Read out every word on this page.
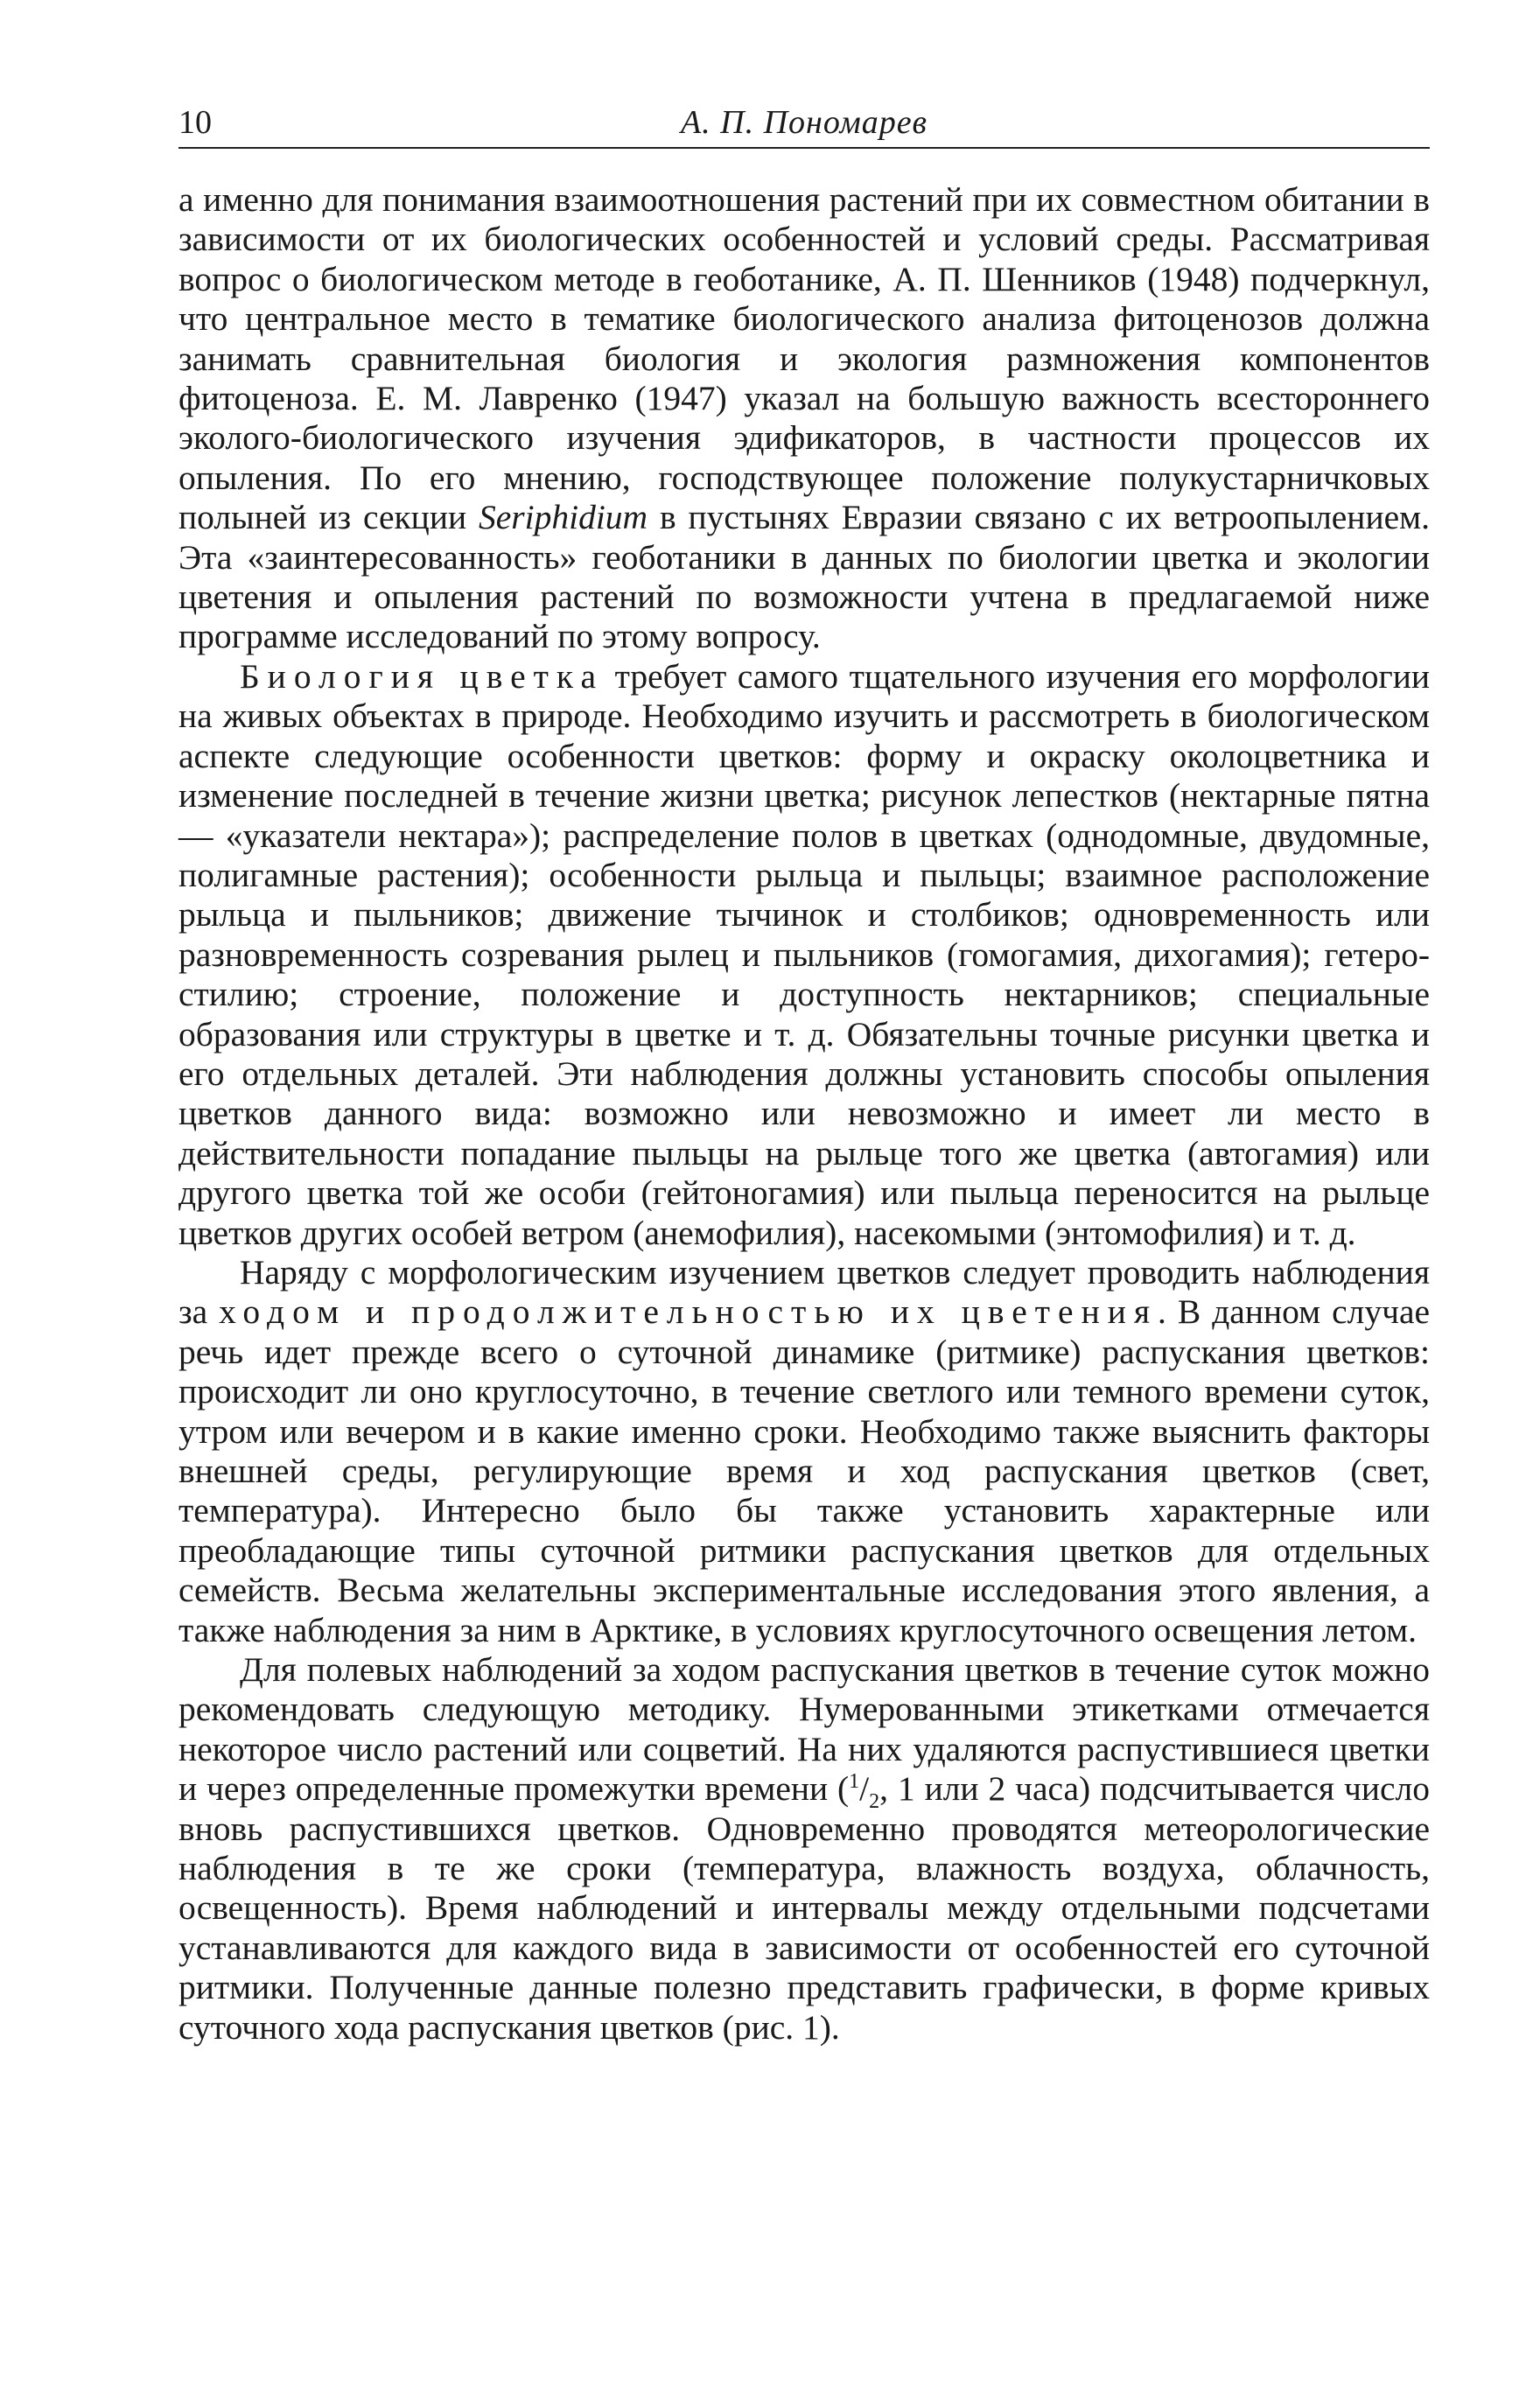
10	А. П. Пономарев

а именно для понимания взаимоотношения растений при их совместном обитании в зависимости от их биологических особенностей и условий среды. Рассматривая вопрос о биологическом методе в геоботанике, А. П. Шенников (1948) подчеркнул, что центральное место в тематике биологического анализа фитоценозов должна занимать сравнительная биология и экология размножения компонентов фитоценоза. Е. М. Лавренко (1947) указал на большую важность всестороннего эколого-биологического изучения эдификаторов, в частности процессов их опыления. По его мнению, господствующее положение полукустарничковых полыней из секции Seriphidium в пустынях Евразии связано с их ветроопылением. Эта «заинтересованность» геоботаники в данных по биологии цветка и экологии цветения и опыления растений по возможности учтена в предлагаемой ниже программе исследований по этому вопросу.

Биология цветка требует самого тщательного изучения его морфологии на живых объектах в природе. Необходимо изучить и рассмотреть в биологическом аспекте следующие особенности цветков: форму и окраску околоцветника и изменение последней в течение жизни цветка; рисунок лепестков (нектарные пятна — «указатели нектара»); распределение полов в цветках (однодомные, двудомные, полигамные растения); особенности рыльца и пыльцы; взаимное расположение рыльца и пыльников; движение тычинок и столбиков; одновременность или разновременность созревания рылец и пыльников (гомогамия, дихогамия); гетеростилию; строение, положение и доступность нектарников; специальные образования или структуры в цветке и т. д. Обязательны точные рисунки цветка и его отдельных деталей. Эти наблюдения должны установить способы опыления цветков данного вида: возможно или невозможно и имеет ли место в действительности попадание пыльцы на рыльце того же цветка (автогамия) или другого цветка той же особи (гейтоногамия) или пыльца переносится на рыльце цветков других особей ветром (анемофилия), насекомыми (энтомофилия) и т. д.

Наряду с морфологическим изучением цветков следует проводить наблюдения за ходом и продолжительностью их цветения. В данном случае речь идет прежде всего о суточной динамике (ритмике) распускания цветков: происходит ли оно круглосуточно, в течение светлого или темного времени суток, утром или вечером и в какие именно сроки. Необходимо также выяснить факторы внешней среды, регулирующие время и ход распускания цветков (свет, температура). Интересно было бы также установить характерные или преобладающие типы суточной ритмики распускания цветков для отдельных семейств. Весьма желательны экспериментальные исследования этого явления, а также наблюдения за ним в Арктике, в условиях круглосуточного освещения летом.

Для полевых наблюдений за ходом распускания цветков в течение суток можно рекомендовать следующую методику. Нумерованными этикетками отмечается некоторое число растений или соцветий. На них удаляются распустившиеся цветки и через определенные промежутки времени ($^1/_2$, 1 или 2 часа) подсчитывается число вновь распустившихся цветков. Одновременно проводятся метеорологические наблюдения в те же сроки (температура, влажность воздуха, облачность, освещенность). Время наблюдений и интервалы между отдельными подсчетами устанавливаются для каждого вида в зависимости от особенностей его суточной ритмики. Полученные данные полезно представить графически, в форме кривых суточного хода распускания цветков (рис. 1).
